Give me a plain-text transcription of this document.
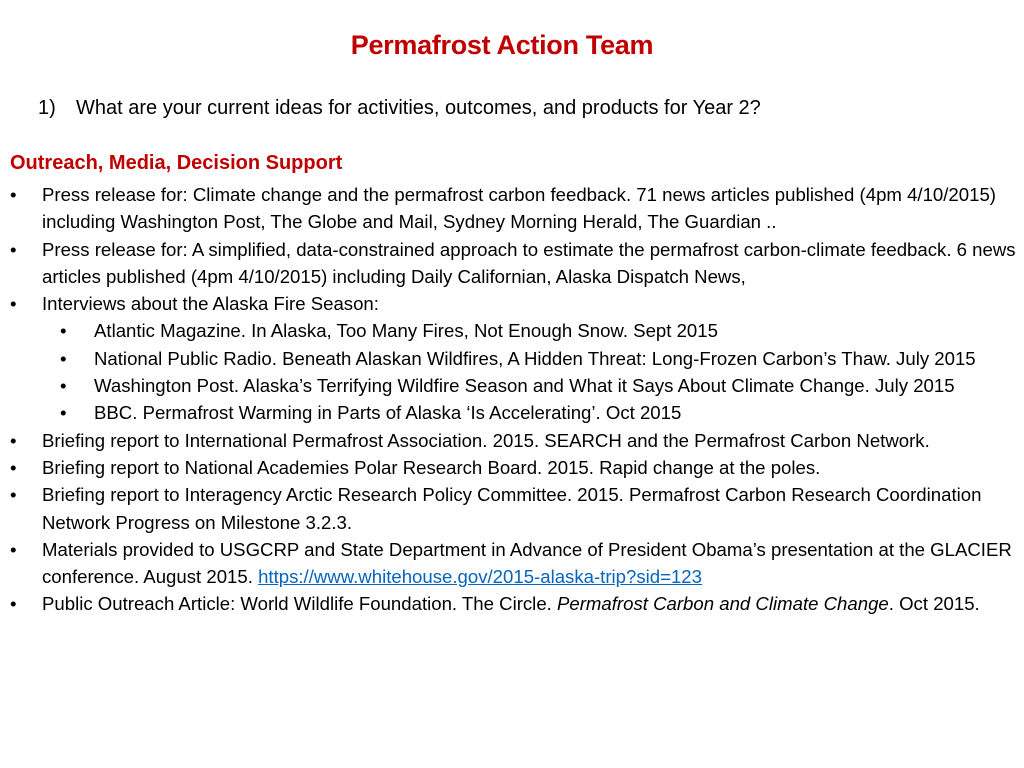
Permafrost Action Team
1) What are your current ideas for activities, outcomes, and products for Year 2?
Outreach, Media, Decision Support
•	Press release for: Climate change and the permafrost carbon feedback. 71 news articles published (4pm 4/10/2015) including Washington Post, The Globe and Mail, Sydney Morning Herald, The Guardian ..
•	Press release for: A simplified, data-constrained approach to estimate the permafrost carbon-climate feedback. 6 news articles published (4pm 4/10/2015) including Daily Californian, Alaska Dispatch News,
•	Interviews about the Alaska Fire Season:
•	Atlantic Magazine. In Alaska, Too Many Fires, Not Enough Snow. Sept 2015
•	National Public Radio. Beneath Alaskan Wildfires, A Hidden Threat: Long-Frozen Carbon’s Thaw. July 2015
•	Washington Post. Alaska’s Terrifying Wildfire Season and What it Says About Climate Change. July 2015
•	BBC. Permafrost Warming in Parts of Alaska ‘Is Accelerating’. Oct 2015
•	Briefing report to International Permafrost Association. 2015. SEARCH and the Permafrost Carbon Network.
•	Briefing report to National Academies Polar Research Board. 2015. Rapid change at the poles.
•	Briefing report to Interagency Arctic Research Policy Committee. 2015. Permafrost Carbon Research Coordination Network Progress on Milestone 3.2.3.
•	Materials provided to USGCRP and State Department in Advance of President Obama’s presentation at the GLACIER conference. August 2015. https://www.whitehouse.gov/2015-alaska-trip?sid=123
•	Public Outreach Article: World Wildlife Foundation. The Circle. Permafrost Carbon and Climate Change. Oct 2015.
